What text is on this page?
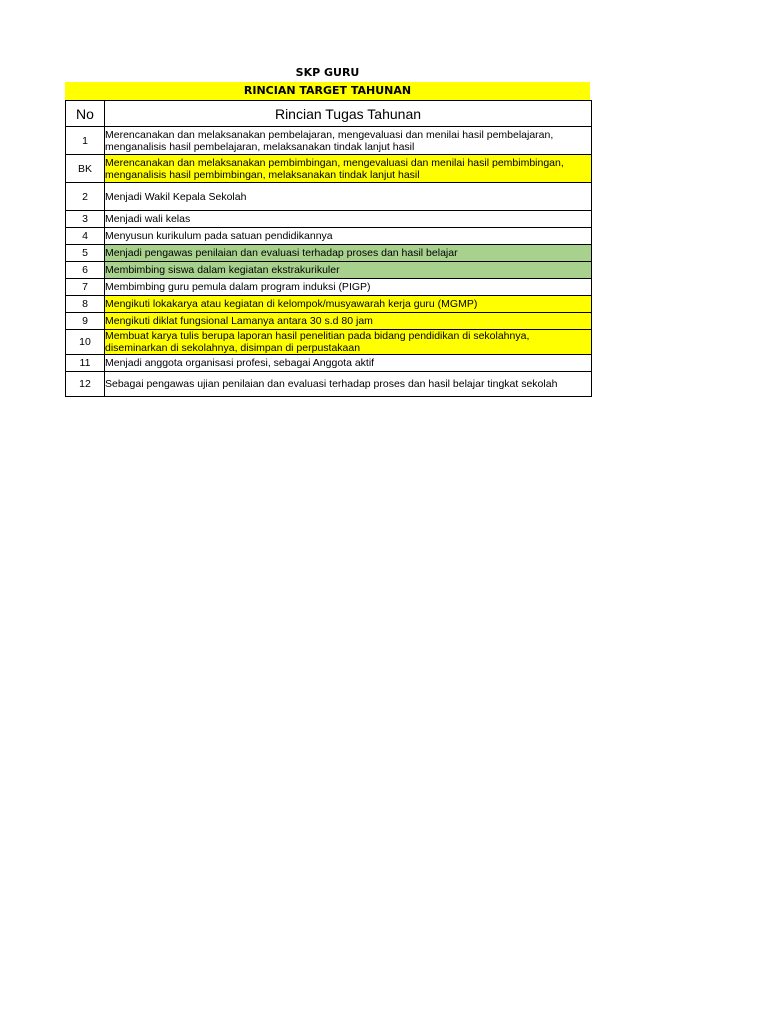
SKP GURU
RINCIAN TARGET TAHUNAN
No	Rincian Tugas Tahunan
1	Merencanakan dan melaksanakan pembelajaran, mengevaluasi dan menilai hasil pembelajaran, menganalisis hasil pembelajaran, melaksanakan tindak lanjut hasil
BK	Merencanakan dan melaksanakan pembimbingan, mengevaluasi dan menilai hasil pembimbingan, menganalisis hasil pembimbingan, melaksanakan tindak lanjut hasil
2	Menjadi Wakil Kepala Sekolah
3	Menjadi wali kelas
4	Menyusun kurikulum pada satuan pendidikannya
5	Menjadi pengawas penilaian dan evaluasi terhadap proses dan hasil belajar
6	Membimbing siswa dalam kegiatan ekstrakurikuler
7	Membimbing guru pemula dalam program induksi (PIGP)
8	Mengikuti lokakarya atau kegiatan di kelompok/musyawarah kerja guru (MGMP)
9	Mengikuti diklat fungsional Lamanya antara 30 s.d 80 jam
10	Membuat karya tulis berupa laporan hasil penelitian pada bidang pendidikan di sekolahnya, diseminarkan di sekolahnya, disimpan di perpustakaan
11	Menjadi anggota organisasi profesi, sebagai Anggota aktif
12	Sebagai pengawas ujian penilaian dan evaluasi terhadap proses dan hasil belajar tingkat sekolah
